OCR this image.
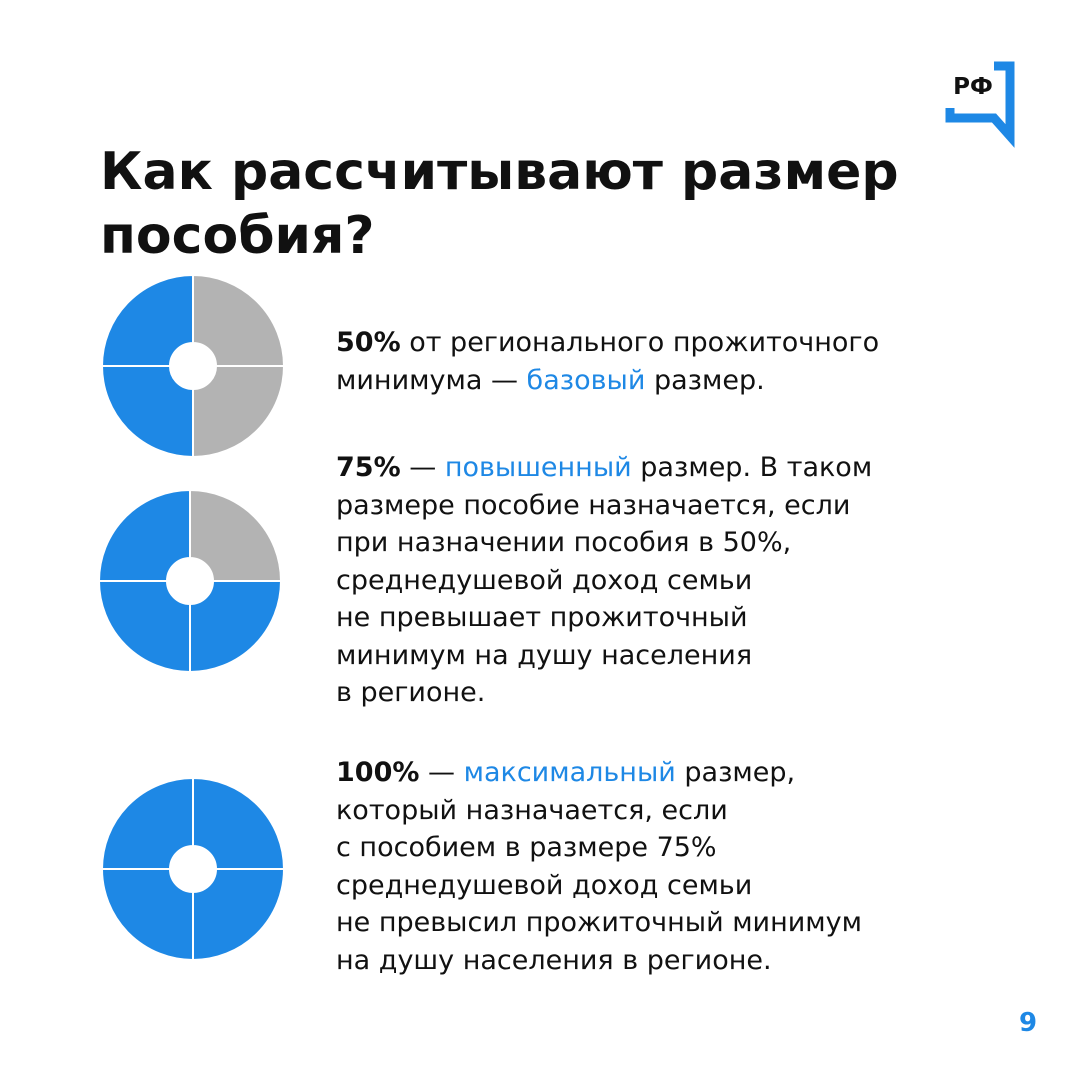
РФ
Как рассчитывают размер
пособия?

50% от регионального прожиточного
минимума — базовый размер.

75% — повышенный размер. В таком
размере пособие назначается, если
при назначении пособия в 50%,
среднедушевой доход семьи
не превышает прожиточный
минимум на душу населения
в регионе.

100% — максимальный размер,
который назначается, если
с пособием в размере 75%
среднедушевой доход семьи
не превысил прожиточный минимум
на душу населения в регионе.

9
